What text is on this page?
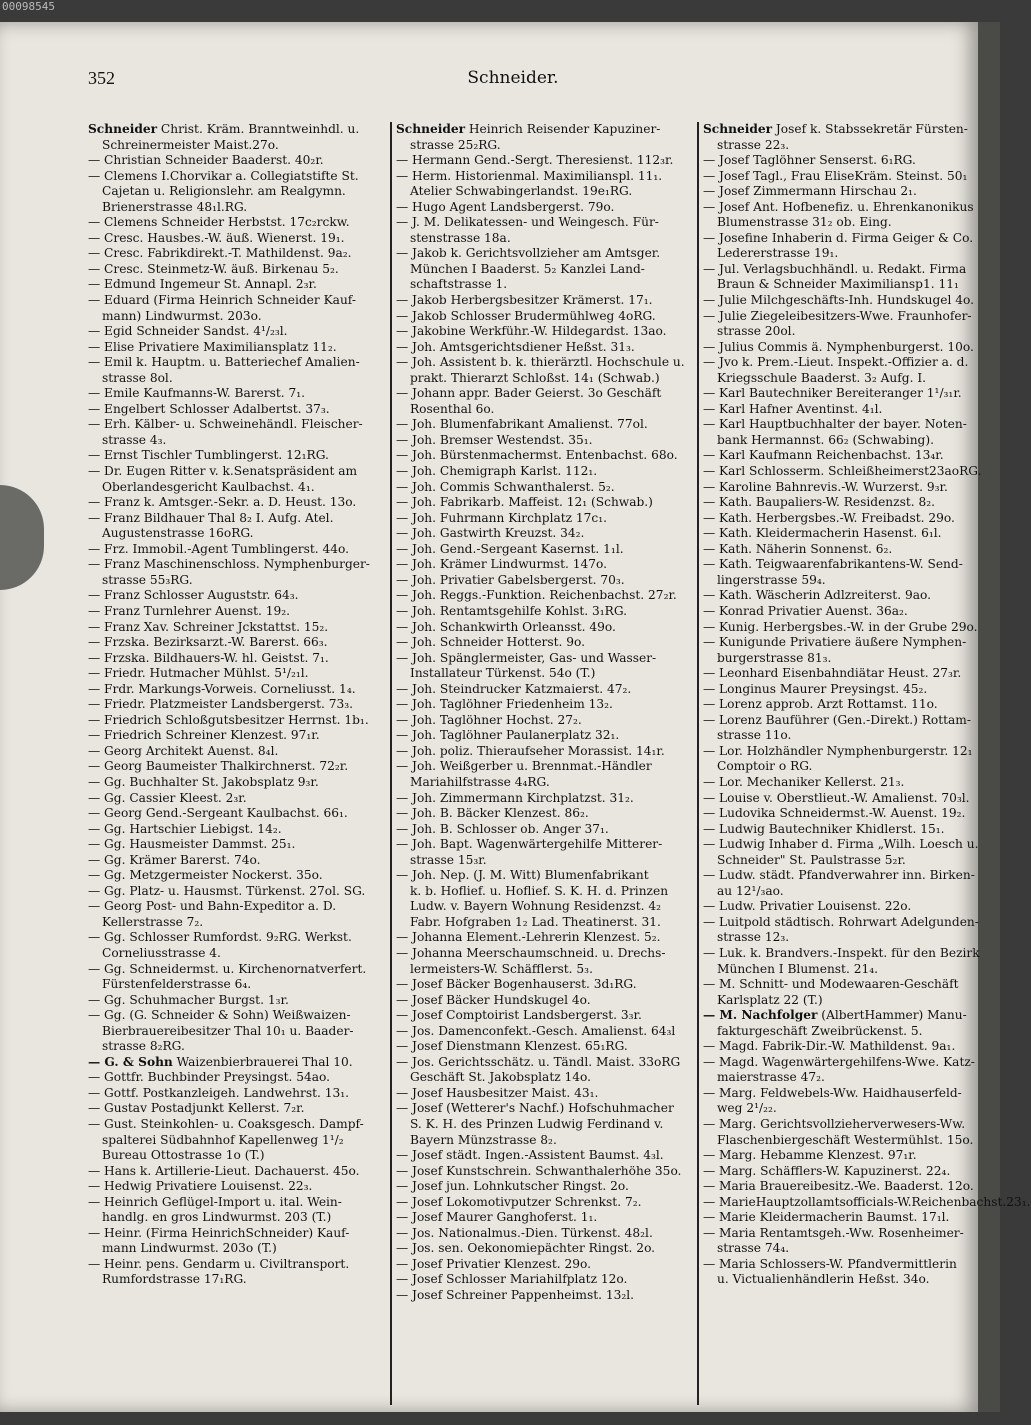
00098545
352	Schneider.
Schneider Christ. Kräm. Branntweinhdl. u.
Schreinermeister Maist.27o.
— Christian Schneider Baaderst. 40₂r.
— Clemens I.Chorvikar a. Collegiatstifte St.
Cajetan u. Religionslehr. am Realgymn.
Brienerstrasse 48₁l.RG.
— Clemens Schneider Herbstst. 17c₂rckw.
— Cresc. Hausbes.-W. äuß. Wienerst. 19₁.
— Cresc. Fabrikdirekt.-T. Mathildenst. 9a₂.
— Cresc. Steinmetz-W. äuß. Birkenau 5₂.
— Edmund Ingemeur St. Annapl. 2₃r.
— Eduard (Firma Heinrich Schneider Kauf-
mann) Lindwurmst. 203o.
— Egid Schneider Sandst. 4¹/₂₃l.
— Elise Privatiere Maximiliansplatz 11₂.
— Emil k. Hauptm. u. Batteriechef Amalien-
strasse 8ol.
— Emile Kaufmanns-W. Barerst. 7₁.
— Engelbert Schlosser Adalbertst. 37₃.
— Erh. Kälber- u. Schweinehändl. Fleischer-
strasse 4₃.
— Ernst Tischler Tumblingerst. 12₁RG.
— Dr. Eugen Ritter v. k.Senatspräsident am
Oberlandesgericht Kaulbachst. 4₁.
— Franz k. Amtsger.-Sekr. a. D. Heust. 13o.
— Franz Bildhauer Thal 8₂ I. Aufg. Atel.
Augustenstrasse 16oRG.
— Frz. Immobil.-Agent Tumblingerst. 44o.
— Franz Maschinenschloss. Nymphenburger-
strasse 55₃RG.
— Franz Schlosser Auguststr. 64₃.
— Franz Turnlehrer Auenst. 19₂.
— Franz Xav. Schreiner Jckstattst. 15₂.
— Frzska. Bezirksarzt.-W. Barerst. 66₃.
— Frzska. Bildhauers-W. hl. Geistst. 7₁.
— Friedr. Hutmacher Mühlst. 5¹/₂₁l.
— Frdr. Markungs-Vorweis. Corneliusst. 1₄.
— Friedr. Platzmeister Landsbergerst. 73₃.
— Friedrich Schloßgutsbesitzer Herrnst. 1b₁.
— Friedrich Schreiner Klenzest. 97₁r.
— Georg Architekt Auenst. 8₄l.
— Georg Baumeister Thalkirchnerst. 72₂r.
— Gg. Buchhalter St. Jakobsplatz 9₃r.
— Gg. Cassier Kleest. 2₃r.
— Georg Gend.-Sergeant Kaulbachst. 66₁.
— Gg. Hartschier Liebigst. 14₂.
— Gg. Hausmeister Dammst. 25₁.
— Gg. Krämer Barerst. 74o.
— Gg. Metzgermeister Nockerst. 35o.
— Gg. Platz- u. Hausmst. Türkenst. 27ol. SG.
— Georg Post- und Bahn-Expeditor a. D.
Kellerstrasse 7₂.
— Gg. Schlosser Rumfordst. 9₂RG. Werkst.
Corneliusstrasse 4.
— Gg. Schneidermst. u. Kirchenornatverfert.
Fürstenfelderstrasse 6₄.
— Gg. Schuhmacher Burgst. 1₃r.
— Gg. (G. Schneider & Sohn) Weißwaizen-
Bierbrauereibesitzer Thal 10₁ u. Baader-
strasse 8₂RG.
— G. & Sohn Waizenbierbrauerei Thal 10.
— Gottfr. Buchbinder Preysingst. 54ao.
— Gottf. Postkanzleigeh. Landwehrst. 13₁.
— Gustav Postadjunkt Kellerst. 7₂r.
— Gust. Steinkohlen- u. Coaksgesch. Dampf-
spalterei Südbahnhof Kapellenweg 1¹/₂
Bureau Ottostrasse 1o (T.)
— Hans k. Artillerie-Lieut. Dachauerst. 45o.
— Hedwig Privatiere Louisenst. 22₃.
— Heinrich Geflügel-Import u. ital. Wein-
handlg. en gros Lindwurmst. 203 (T.)
— Heinr. (Firma HeinrichSchneider) Kauf-
mann Lindwurmst. 203o (T.)
— Heinr. pens. Gendarm u. Civiltransport.
Rumfordstrasse 17₁RG.
Schneider Heinrich Reisender Kapuziner-
strasse 25₂RG.
— Hermann Gend.-Sergt. Theresienst. 112₃r.
— Herm. Historienmal. Maximilianspl. 11₁.
Atelier Schwabingerlandst. 19e₁RG.
— Hugo Agent Landsbergerst. 79o.
— J. M. Delikatessen- und Weingesch. Für-
stenstrasse 18a.
— Jakob k. Gerichtsvollzieher am Amtsger.
München I Baaderst. 5₂ Kanzlei Land-
schaftstrasse 1.
— Jakob Herbergsbesitzer Krämerst. 17₁.
— Jakob Schlosser Brudermühlweg 4oRG.
— Jakobine Werkführ.-W. Hildegardst. 13ao.
— Joh. Amtsgerichtsdiener Heßst. 31₃.
— Joh. Assistent b. k. thierärztl. Hochschule u.
prakt. Thierarzt Schloßst. 14₁ (Schwab.)
— Johann appr. Bader Geierst. 3o Geschäft
Rosenthal 6o.
— Joh. Blumenfabrikant Amalienst. 77ol.
— Joh. Bremser Westendst. 35₁.
— Joh. Bürstenmachermst. Entenbachst. 68o.
— Joh. Chemigraph Karlst. 112₁.
— Joh. Commis Schwanthalerst. 5₂.
— Joh. Fabrikarb. Maffeist. 12₁ (Schwab.)
— Joh. Fuhrmann Kirchplatz 17c₁.
— Joh. Gastwirth Kreuzst. 34₂.
— Joh. Gend.-Sergeant Kasernst. 1₁l.
— Joh. Krämer Lindwurmst. 147o.
— Joh. Privatier Gabelsbergerst. 70₃.
— Joh. Reggs.-Funktion. Reichenbachst. 27₂r.
— Joh. Rentamtsgehilfe Kohlst. 3₁RG.
— Joh. Schankwirth Orleansst. 49o.
— Joh. Schneider Hotterst. 9o.
— Joh. Spänglermeister, Gas- und Wasser-
Installateur Türkenst. 54o (T.)
— Joh. Steindrucker Katzmaierst. 47₂.
— Joh. Taglöhner Friedenheim 13₂.
— Joh. Taglöhner Hochst. 27₂.
— Joh. Taglöhner Paulanerplatz 32₁.
— Joh. poliz. Thieraufseher Morassist. 14₁r.
— Joh. Weißgerber u. Brennmat.-Händler
Mariahilfstrasse 4₄RG.
— Joh. Zimmermann Kirchplatzst. 31₂.
— Joh. B. Bäcker Klenzest. 86₂.
— Joh. B. Schlosser ob. Anger 37₁.
— Joh. Bapt. Wagenwärtergehilfe Mitterer-
strasse 15₃r.
— Joh. Nep. (J. M. Witt) Blumenfabrikant
k. b. Hoflief. u. Hoflief. S. K. H. d. Prinzen
Ludw. v. Bayern Wohnung Residenzst. 4₂
Fabr. Hofgraben 1₂ Lad. Theatinerst. 31.
— Johanna Element.-Lehrerin Klenzest. 5₂.
— Johanna Meerschaumschneid. u. Drechs-
lermeisters-W. Schäfflerst. 5₃.
— Josef Bäcker Bogenhauserst. 3d₁RG.
— Josef Bäcker Hundskugel 4o.
— Josef Comptoirist Landsbergerst. 3₃r.
— Jos. Damenconfekt.-Gesch. Amalienst. 64₃l
— Josef Dienstmann Klenzest. 65₁RG.
— Jos. Gerichtsschätz. u. Tändl. Maist. 33oRG
Geschäft St. Jakobsplatz 14o.
— Josef Hausbesitzer Maist. 43₁.
— Josef (Wetterer's Nachf.) Hofschuhmacher
S. K. H. des Prinzen Ludwig Ferdinand v.
Bayern Münzstrasse 8₂.
— Josef städt. Ingen.-Assistent Baumst. 4₃l.
— Josef Kunstschrein. Schwanthalerhöhe 35o.
— Josef jun. Lohnkutscher Ringst. 2o.
— Josef Lokomotivputzer Schrenkst. 7₂.
— Josef Maurer Ganghoferst. 1₁.
— Jos. Nationalmus.-Dien. Türkenst. 48₂l.
— Jos. sen. Oekonomiepächter Ringst. 2o.
— Josef Privatier Klenzest. 29o.
— Josef Schlosser Mariahilfplatz 12o.
— Josef Schreiner Pappenheimst. 13₂l.
Schneider Josef k. Stabssekretär Fürsten-
strasse 22₃.
— Josef Taglöhner Senserst. 6₁RG.
— Josef Tagl., Frau EliseKräm. Steinst. 50₁
— Josef Zimmermann Hirschau 2₁.
— Josef Ant. Hofbenefiz. u. Ehrenkanonikus
Blumenstrasse 31₂ ob. Eing.
— Josefine Inhaberin d. Firma Geiger & Co.
Ledererstrasse 19₁.
— Jul. Verlagsbuchhändl. u. Redakt. Firma
Braun & Schneider Maximiliansp1. 11₁
— Julie Milchgeschäfts-Inh. Hundskugel 4o.
— Julie Ziegeleibesitzers-Wwe. Fraunhofer-
strasse 20ol.
— Julius Commis ä. Nymphenburgerst. 10o.
— Jvo k. Prem.-Lieut. Inspekt.-Offizier a. d.
Kriegsschule Baaderst. 3₂ Aufg. I.
— Karl Bautechniker Bereiteranger 1¹/₃₁r.
— Karl Hafner Aventinst. 4₁l.
— Karl Hauptbuchhalter der bayer. Noten-
bank Hermannst. 66₂ (Schwabing).
— Karl Kaufmann Reichenbachst. 13₄r.
— Karl Schlosserm. Schleißheimerst23aoRG.
— Karoline Bahnrevis.-W. Wurzerst. 9₃r.
— Kath. Baupaliers-W. Residenzst. 8₂.
— Kath. Herbergsbes.-W. Freibadst. 29o.
— Kath. Kleidermacherin Hasenst. 6₁l.
— Kath. Näherin Sonnenst. 6₂.
— Kath. Teigwaarenfabrikantens-W. Send-
lingerstrasse 59₄.
— Kath. Wäscherin Adlzreiterst. 9ao.
— Konrad Privatier Auenst. 36a₂.
— Kunig. Herbergsbes.-W. in der Grube 29o.
— Kunigunde Privatiere äußere Nymphen-
burgerstrasse 81₃.
— Leonhard Eisenbahndiätar Heust. 27₃r.
— Longinus Maurer Preysingst. 45₂.
— Lorenz approb. Arzt Rottamst. 11o.
— Lorenz Bauführer (Gen.-Direkt.) Rottam-
strasse 11o.
— Lor. Holzhändler Nymphenburgerstr. 12₁
Comptoir o RG.
— Lor. Mechaniker Kellerst. 21₃.
— Louise v. Oberstlieut.-W. Amalienst. 70₃l.
— Ludovika Schneidermst.-W. Auenst. 19₂.
— Ludwig Bautechniker Khidlerst. 15₁.
— Ludwig Inhaber d. Firma „Wilh. Loesch u.
Schneider" St. Paulstrasse 5₂r.
— Ludw. städt. Pfandverwahrer inn. Birken-
au 12¹/₃ao.
— Ludw. Privatier Louisenst. 22o.
— Luitpold städtisch. Rohrwart Adelgunden-
strasse 12₃.
— Luk. k. Brandvers.-Inspekt. für den Bezirk
München I Blumenst. 21₄.
— M. Schnitt- und Modewaaren-Geschäft
Karlsplatz 22 (T.)
— M. Nachfolger (AlbertHammer) Manu-
fakturgeschäft Zweibrückenst. 5.
— Magd. Fabrik-Dir.-W. Mathildenst. 9a₁.
— Magd. Wagenwärtergehilfens-Wwe. Katz-
maierstrasse 47₂.
— Marg. Feldwebels-Ww. Haidhauserfeld-
weg 2¹/₂₂.
— Marg. Gerichtsvollzieherverwesers-Ww.
Flaschenbiergeschäft Westermühlst. 15o.
— Marg. Hebamme Klenzest. 97₁r.
— Marg. Schäfflers-W. Kapuzinerst. 22₄.
— Maria Brauereibesitz.-We. Baaderst. 12o.
— MarieHauptzollamtsofficials-W.Reichenbachst.23₁.
— Marie Kleidermacherin Baumst. 17₁l.
— Maria Rentamtsgeh.-Ww. Rosenheimer-
strasse 74₄.
— Maria Schlossers-W. Pfandvermittlerin
u. Victualienhändlerin Heßst. 34o.
